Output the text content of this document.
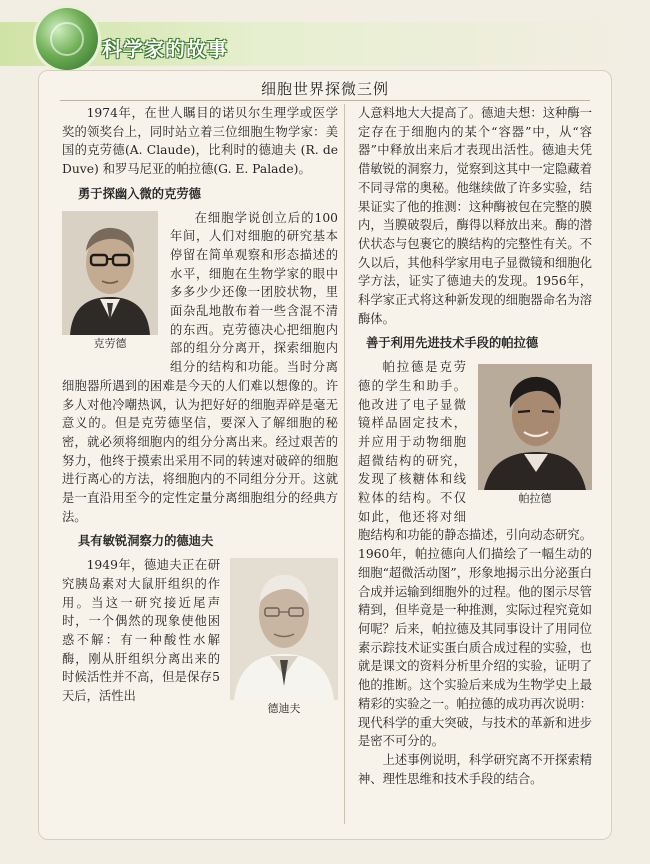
科学家的故事
细胞世界探微三例

1974年，在世人瞩目的诺贝尔生理学或医学奖的领奖台上，同时站立着三位细胞生物学家：美国的克劳德(A. Claude)，比利时的德迪夫 (R. de Duve) 和罗马尼亚的帕拉德(G. E. Palade)。

勇于探幽入微的克劳德
克劳德

在细胞学说创立后的100年间，人们对细胞的研究基本停留在简单观察和形态描述的水平，细胞在生物学家的眼中多多少少还像一团胶状物，里面杂乱地散布着一些含混不清的东西。克劳德决心把细胞内部的组分分离开，探索细胞内组分的结构和功能。当时分离细胞器所遇到的困难是今天的人们难以想像的。许多人对他冷嘲热讽，认为把好好的细胞弄碎是毫无意义的。但是克劳德坚信，要深入了解细胞的秘密，就必须将细胞内的组分分离出来。经过艰苦的努力，他终于摸索出采用不同的转速对破碎的细胞进行离心的方法，将细胞内的不同组分分开。这就是一直沿用至今的定性定量分离细胞组分的经典方法。

具有敏锐洞察力的德迪夫
德迪夫

1949年，德迪夫正在研究胰岛素对大鼠肝组织的作用。当这一研究接近尾声时，一个偶然的现象使他困惑不解：有一种酸性水解酶，刚从肝组织分离出来的时候活性并不高，但是保存5天后，活性出

人意料地大大提高了。德迪夫想：这种酶一定存在于细胞内的某个“容器”中，从“容器”中释放出来后才表现出活性。德迪夫凭借敏锐的洞察力，觉察到这其中一定隐藏着不同寻常的奥秘。他继续做了许多实验，结果证实了他的推测：这种酶被包在完整的膜内，当膜破裂后，酶得以释放出来。酶的潜伏状态与包裹它的膜结构的完整性有关。不久以后，其他科学家用电子显微镜和细胞化学方法，证实了德迪夫的发现。1956年，科学家正式将这种新发现的细胞器命名为溶酶体。

善于利用先进技术手段的帕拉德
帕拉德

帕拉德是克劳德的学生和助手。他改进了电子显微镜样品固定技术，并应用于动物细胞超微结构的研究，发现了核糖体和线粒体的结构。不仅如此，他还将对细胞结构和功能的静态描述，引向动态研究。1960年，帕拉德向人们描绘了一幅生动的细胞“超微活动图”，形象地揭示出分泌蛋白合成并运输到细胞外的过程。他的图示尽管精到，但毕竟是一种推测，实际过程究竟如何呢？后来，帕拉德及其同事设计了用同位素示踪技术证实蛋白质合成过程的实验，也就是课文的资料分析里介绍的实验，证明了他的推断。这个实验后来成为生物学史上最精彩的实验之一。帕拉德的成功再次说明：现代科学的重大突破，与技术的革新和进步是密不可分的。

上述事例说明，科学研究离不开探索精神、理性思维和技术手段的结合。
